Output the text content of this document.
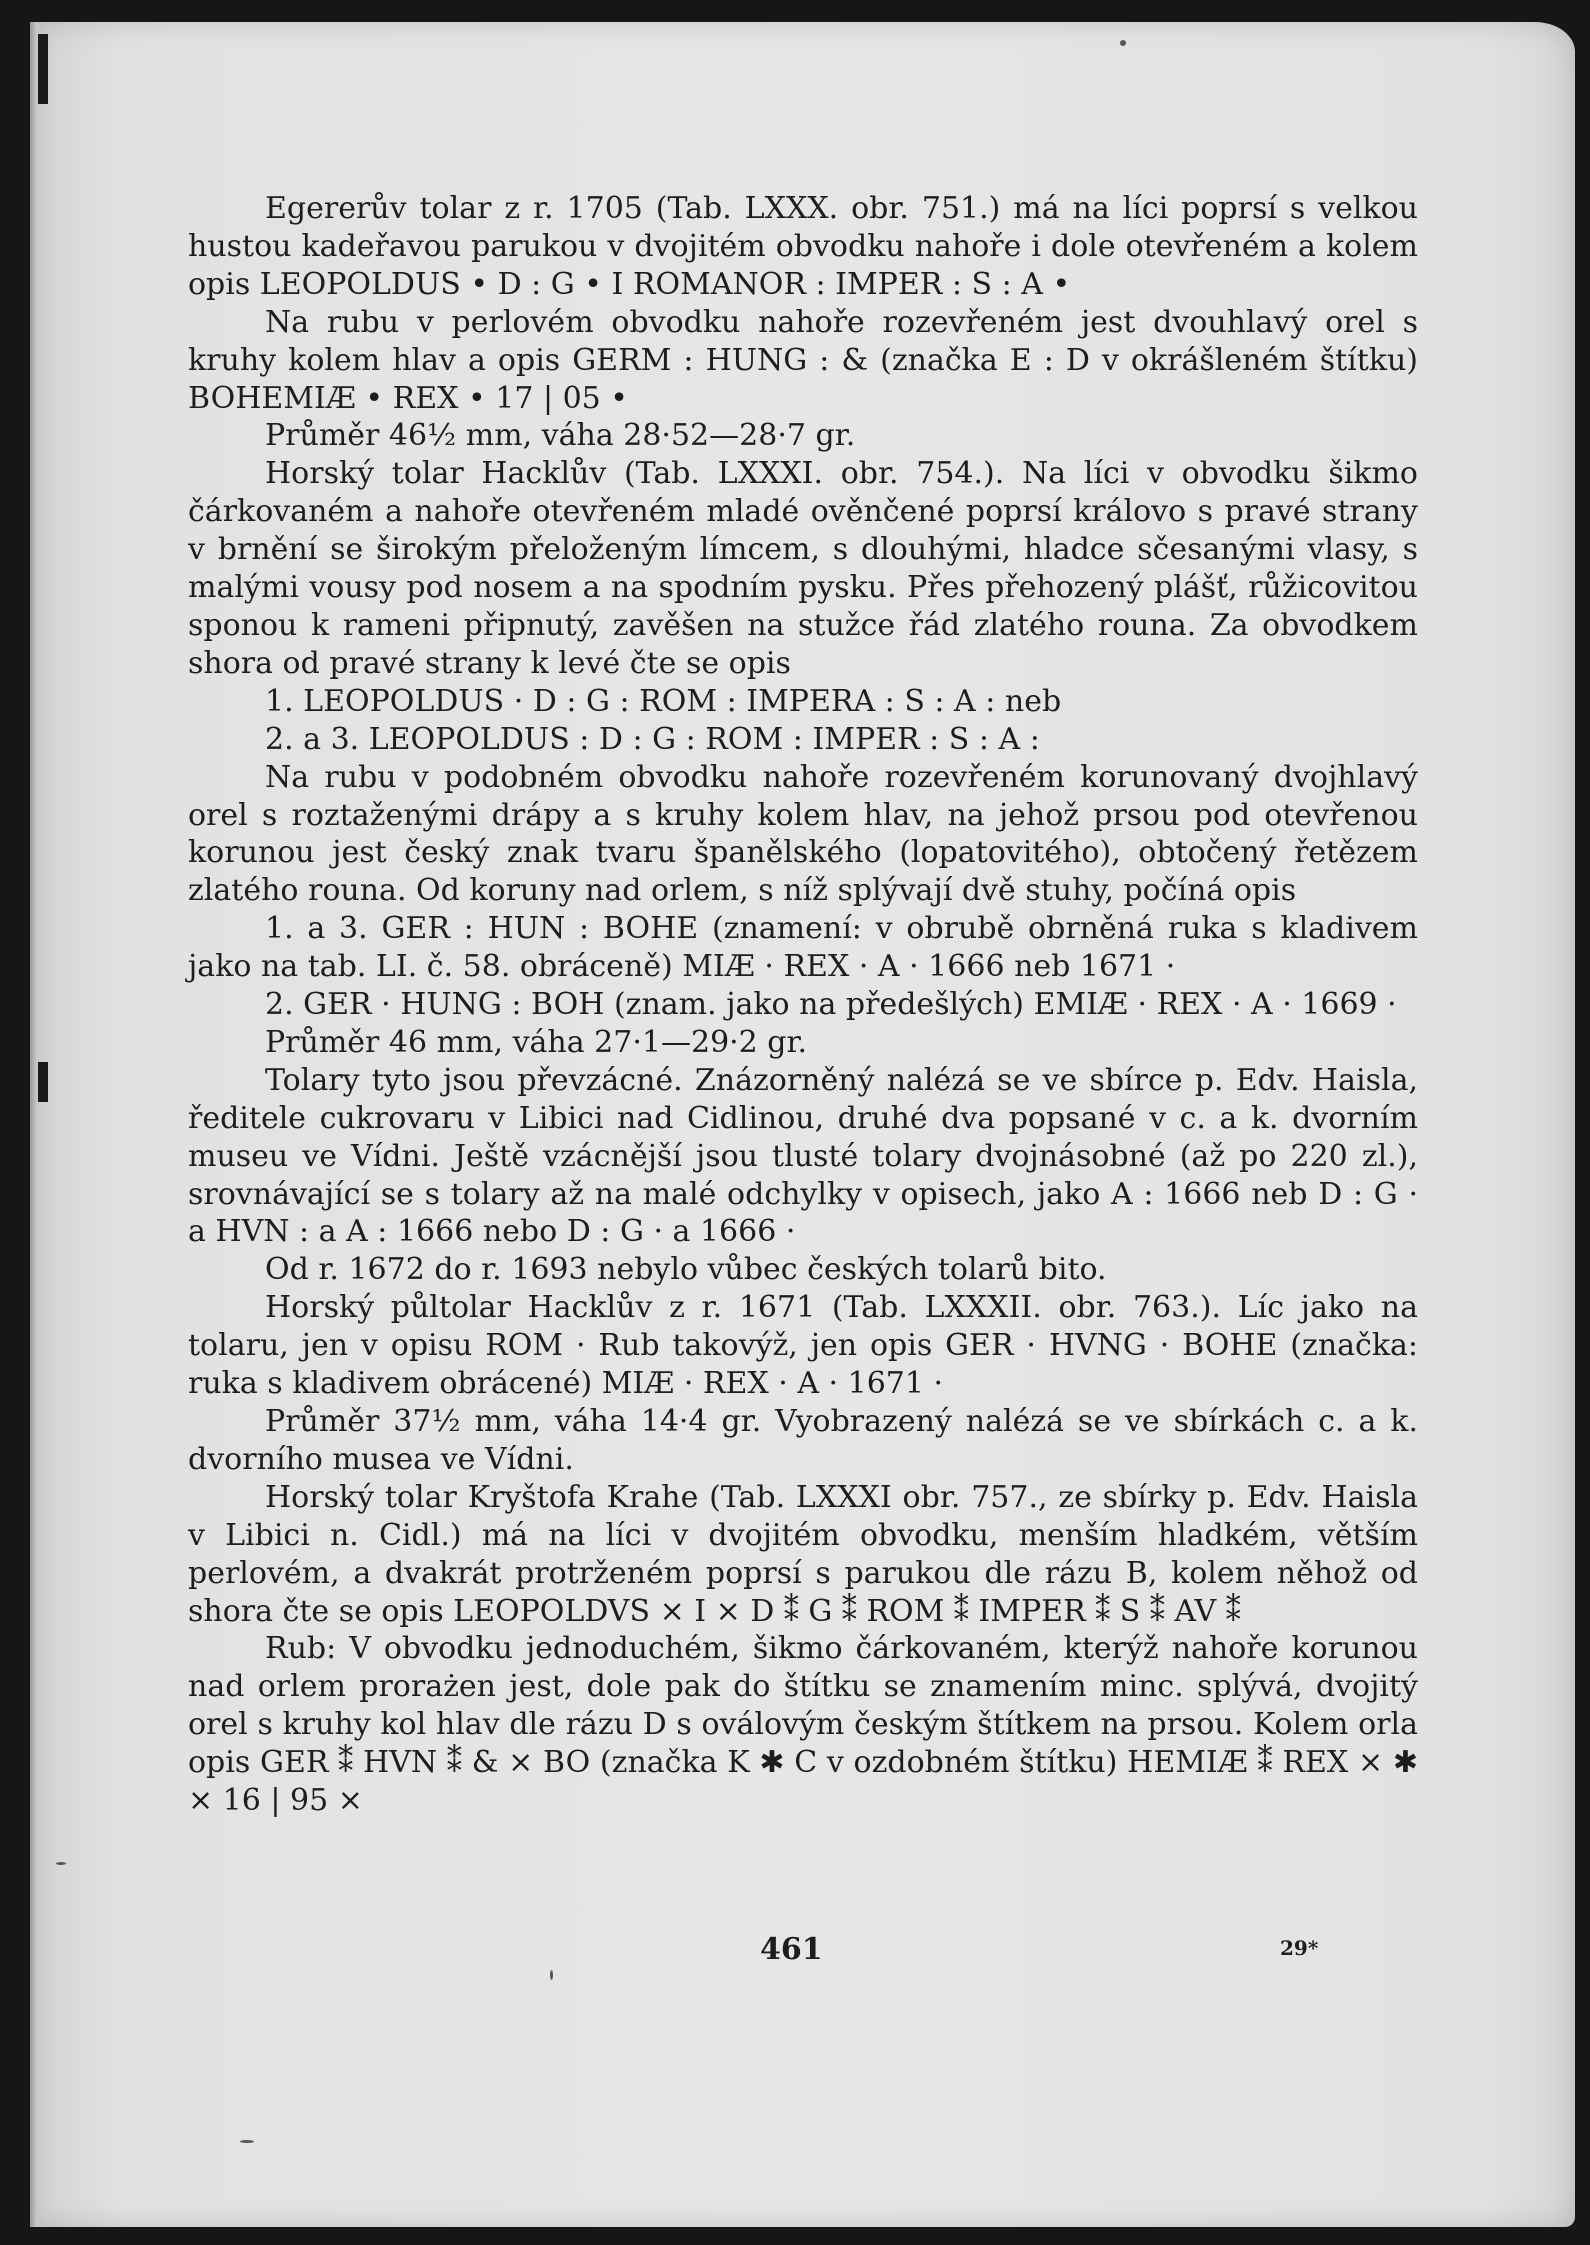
Egererův tolar z r. 1705 (Tab. LXXX. obr. 751.) má na líci poprsí s velkou hustou kadeřavou parukou v dvojitém obvodku nahoře i dole otevřeném a kolem opis LEOPOLDUS • D : G • I ROMANOR : IMPER : S : A •

Na rubu v perlovém obvodku nahoře rozevřeném jest dvouhlavý orel s kruhy kolem hlav a opis GERM : HUNG : & (značka E : D v okrášleném štítku) BOHEMIÆ • REX • 17 | 05 •

Průměr 46½ mm, váha 28·52—28·7 gr.

Horský tolar Hacklův (Tab. LXXXI. obr. 754.). Na líci v obvodku šikmo čárkovaném a nahoře otevřeném mladé ověnčené poprsí královo s pravé strany v brnění se širokým přeloženým límcem, s dlouhými, hladce sčesanými vlasy, s malými vousy pod nosem a na spodním pysku. Přes přehozený plášť, růžicovitou sponou k rameni připnutý, zavěšen na stužce řád zlatého rouna. Za obvodkem shora od pravé strany k levé čte se opis

1. LEOPOLDUS · D : G : ROM : IMPERA : S : A : neb

2. a 3. LEOPOLDUS : D : G : ROM : IMPER : S : A :

Na rubu v podobném obvodku nahoře rozevřeném korunovaný dvojhlavý orel s roztaženými drápy a s kruhy kolem hlav, na jehož prsou pod otevřenou korunou jest český znak tvaru španělského (lopatovitého), obtočený řetězem zlatého rouna. Od koruny nad orlem, s níž splývají dvě stuhy, počíná opis

1. a 3. GER : HUN : BOHE (znamení: v obrubě obrněná ruka s kladivem jako na tab. LI. č. 58. obráceně) MIÆ · REX · A · 1666 neb 1671 ·

2. GER · HUNG : BOH (znam. jako na předešlých) EMIÆ · REX · A · 1669 ·

Průměr 46 mm, váha 27·1—29·2 gr.

Tolary tyto jsou převzácné. Znázorněný nalézá se ve sbírce p. Edv. Haisla, ředitele cukrovaru v Libici nad Cidlinou, druhé dva popsané v c. a k. dvorním museu ve Vídni. Ještě vzácnější jsou tlusté tolary dvojnásobné (až po 220 zl.), srovnávající se s tolary až na malé odchylky v opisech, jako A : 1666 neb D : G · a HVN : a A : 1666 nebo D : G · a 1666 ·

Od r. 1672 do r. 1693 nebylo vůbec českých tolarů bito.

Horský půltolar Hacklův z r. 1671 (Tab. LXXXII. obr. 763.). Líc jako na tolaru, jen v opisu ROM · Rub takovýž, jen opis GER · HVNG · BOHE (značka: ruka s kladivem obrácené) MIÆ · REX · A · 1671 ·

Průměr 37½ mm, váha 14·4 gr. Vyobrazený nalézá se ve sbírkách c. a k. dvorního musea ve Vídni.

Horský tolar Kryštofa Krahe (Tab. LXXXI obr. 757., ze sbírky p. Edv. Haisla v Libici n. Cidl.) má na líci v dvojitém obvodku, menším hladkém, větším perlovém, a dvakrát protrženém poprsí s parukou dle rázu B, kolem něhož od shora čte se opis LEOPOLDVS × I × D ⁑ G ⁑ ROM ⁑ IMPER ⁑ S ⁑ AV ⁑

Rub: V obvodku jednoduchém, šikmo čárkovaném, kterýž nahoře korunou nad orlem prorażen jest, dole pak do štítku se znamením minc. splývá, dvojitý orel s kruhy kol hlav dle rázu D s oválovým českým štítkem na prsou. Kolem orla opis GER ⁑ HVN ⁑ & × BO (značka K ✱ C v ozdobném štítku) HEMIÆ ⁑ REX × ✱ × 16 | 95 ×

461	29*
